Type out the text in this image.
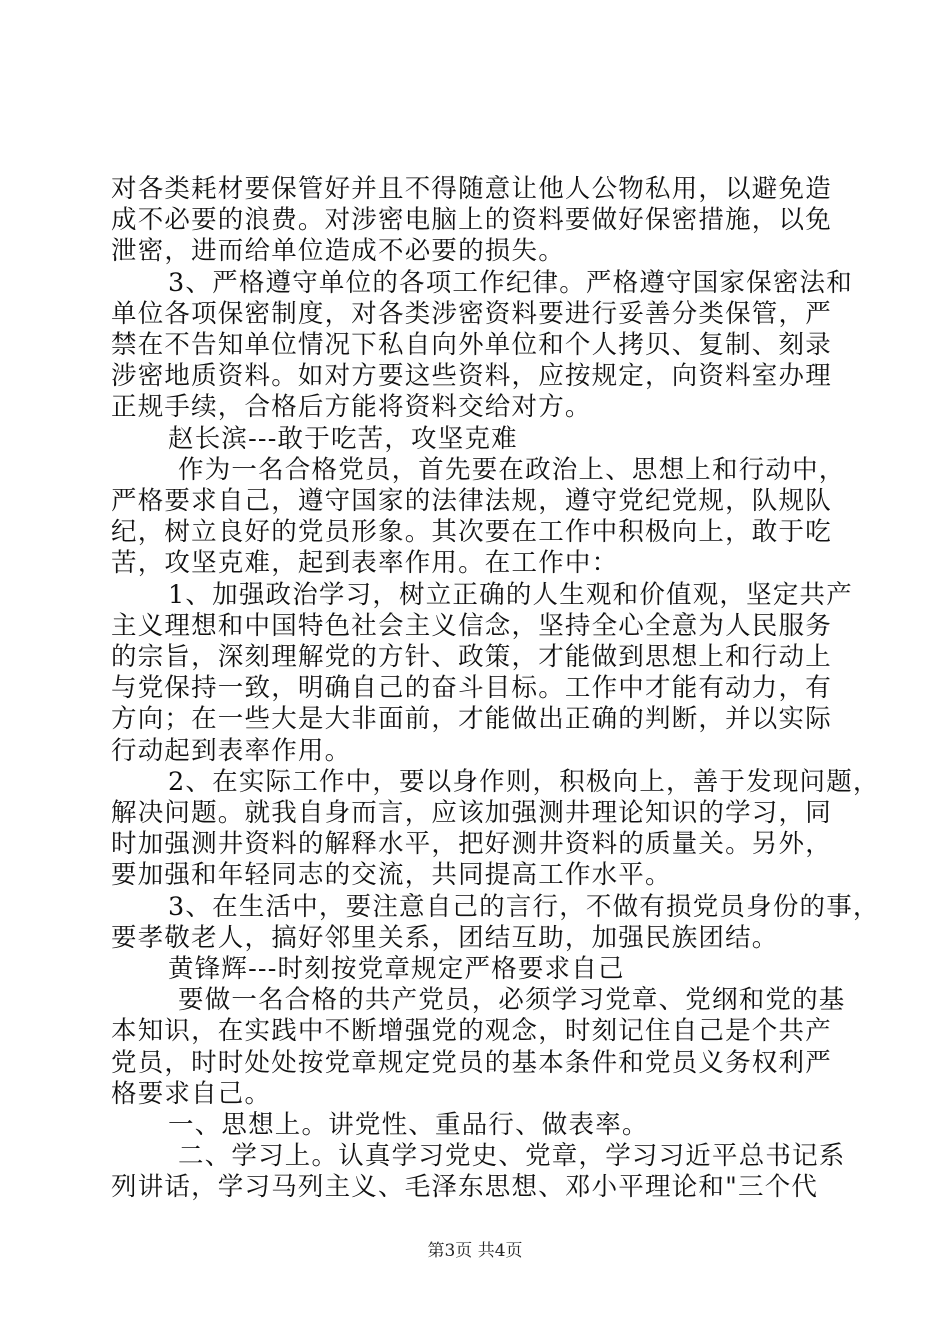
对各类耗材要保管好并且不得随意让他人公物私用，以避免造
成不必要的浪费。对涉密电脑上的资料要做好保密措施，以免
泄密，进而给单位造成不必要的损失。
3、严格遵守单位的各项工作纪律。严格遵守国家保密法和
单位各项保密制度，对各类涉密资料要进行妥善分类保管，严
禁在不告知单位情况下私自向外单位和个人拷贝、复制、刻录
涉密地质资料。如对方要这些资料，应按规定，向资料室办理
正规手续，合格后方能将资料交给对方。
赵长滨---敢于吃苦，攻坚克难
作为一名合格党员，首先要在政治上、思想上和行动中，
严格要求自己，遵守国家的法律法规，遵守党纪党规，队规队
纪，树立良好的党员形象。其次要在工作中积极向上，敢于吃
苦，攻坚克难，起到表率作用。在工作中：
1、加强政治学习，树立正确的人生观和价值观，坚定共产
主义理想和中国特色社会主义信念，坚持全心全意为人民服务
的宗旨，深刻理解党的方针、政策，才能做到思想上和行动上
与党保持一致，明确自己的奋斗目标。工作中才能有动力，有
方向；在一些大是大非面前，才能做出正确的判断，并以实际
行动起到表率作用。
2、在实际工作中，要以身作则，积极向上，善于发现问题，
解决问题。就我自身而言，应该加强测井理论知识的学习，同
时加强测井资料的解释水平，把好测井资料的质量关。另外，
要加强和年轻同志的交流，共同提高工作水平。
3、在生活中，要注意自己的言行，不做有损党员身份的事，
要孝敬老人，搞好邻里关系，团结互助，加强民族团结。
黄锋辉---时刻按党章规定严格要求自己
要做一名合格的共产党员，必须学习党章、党纲和党的基
本知识，在实践中不断增强党的观念，时刻记住自己是个共产
党员，时时处处按党章规定党员的基本条件和党员义务权利严
格要求自己。
一、思想上。讲党性、重品行、做表率。
二、学习上。认真学习党史、党章，学习习近平总书记系
列讲话，学习马列主义、毛泽东思想、邓小平理论和"三个代
第3页 共4页
